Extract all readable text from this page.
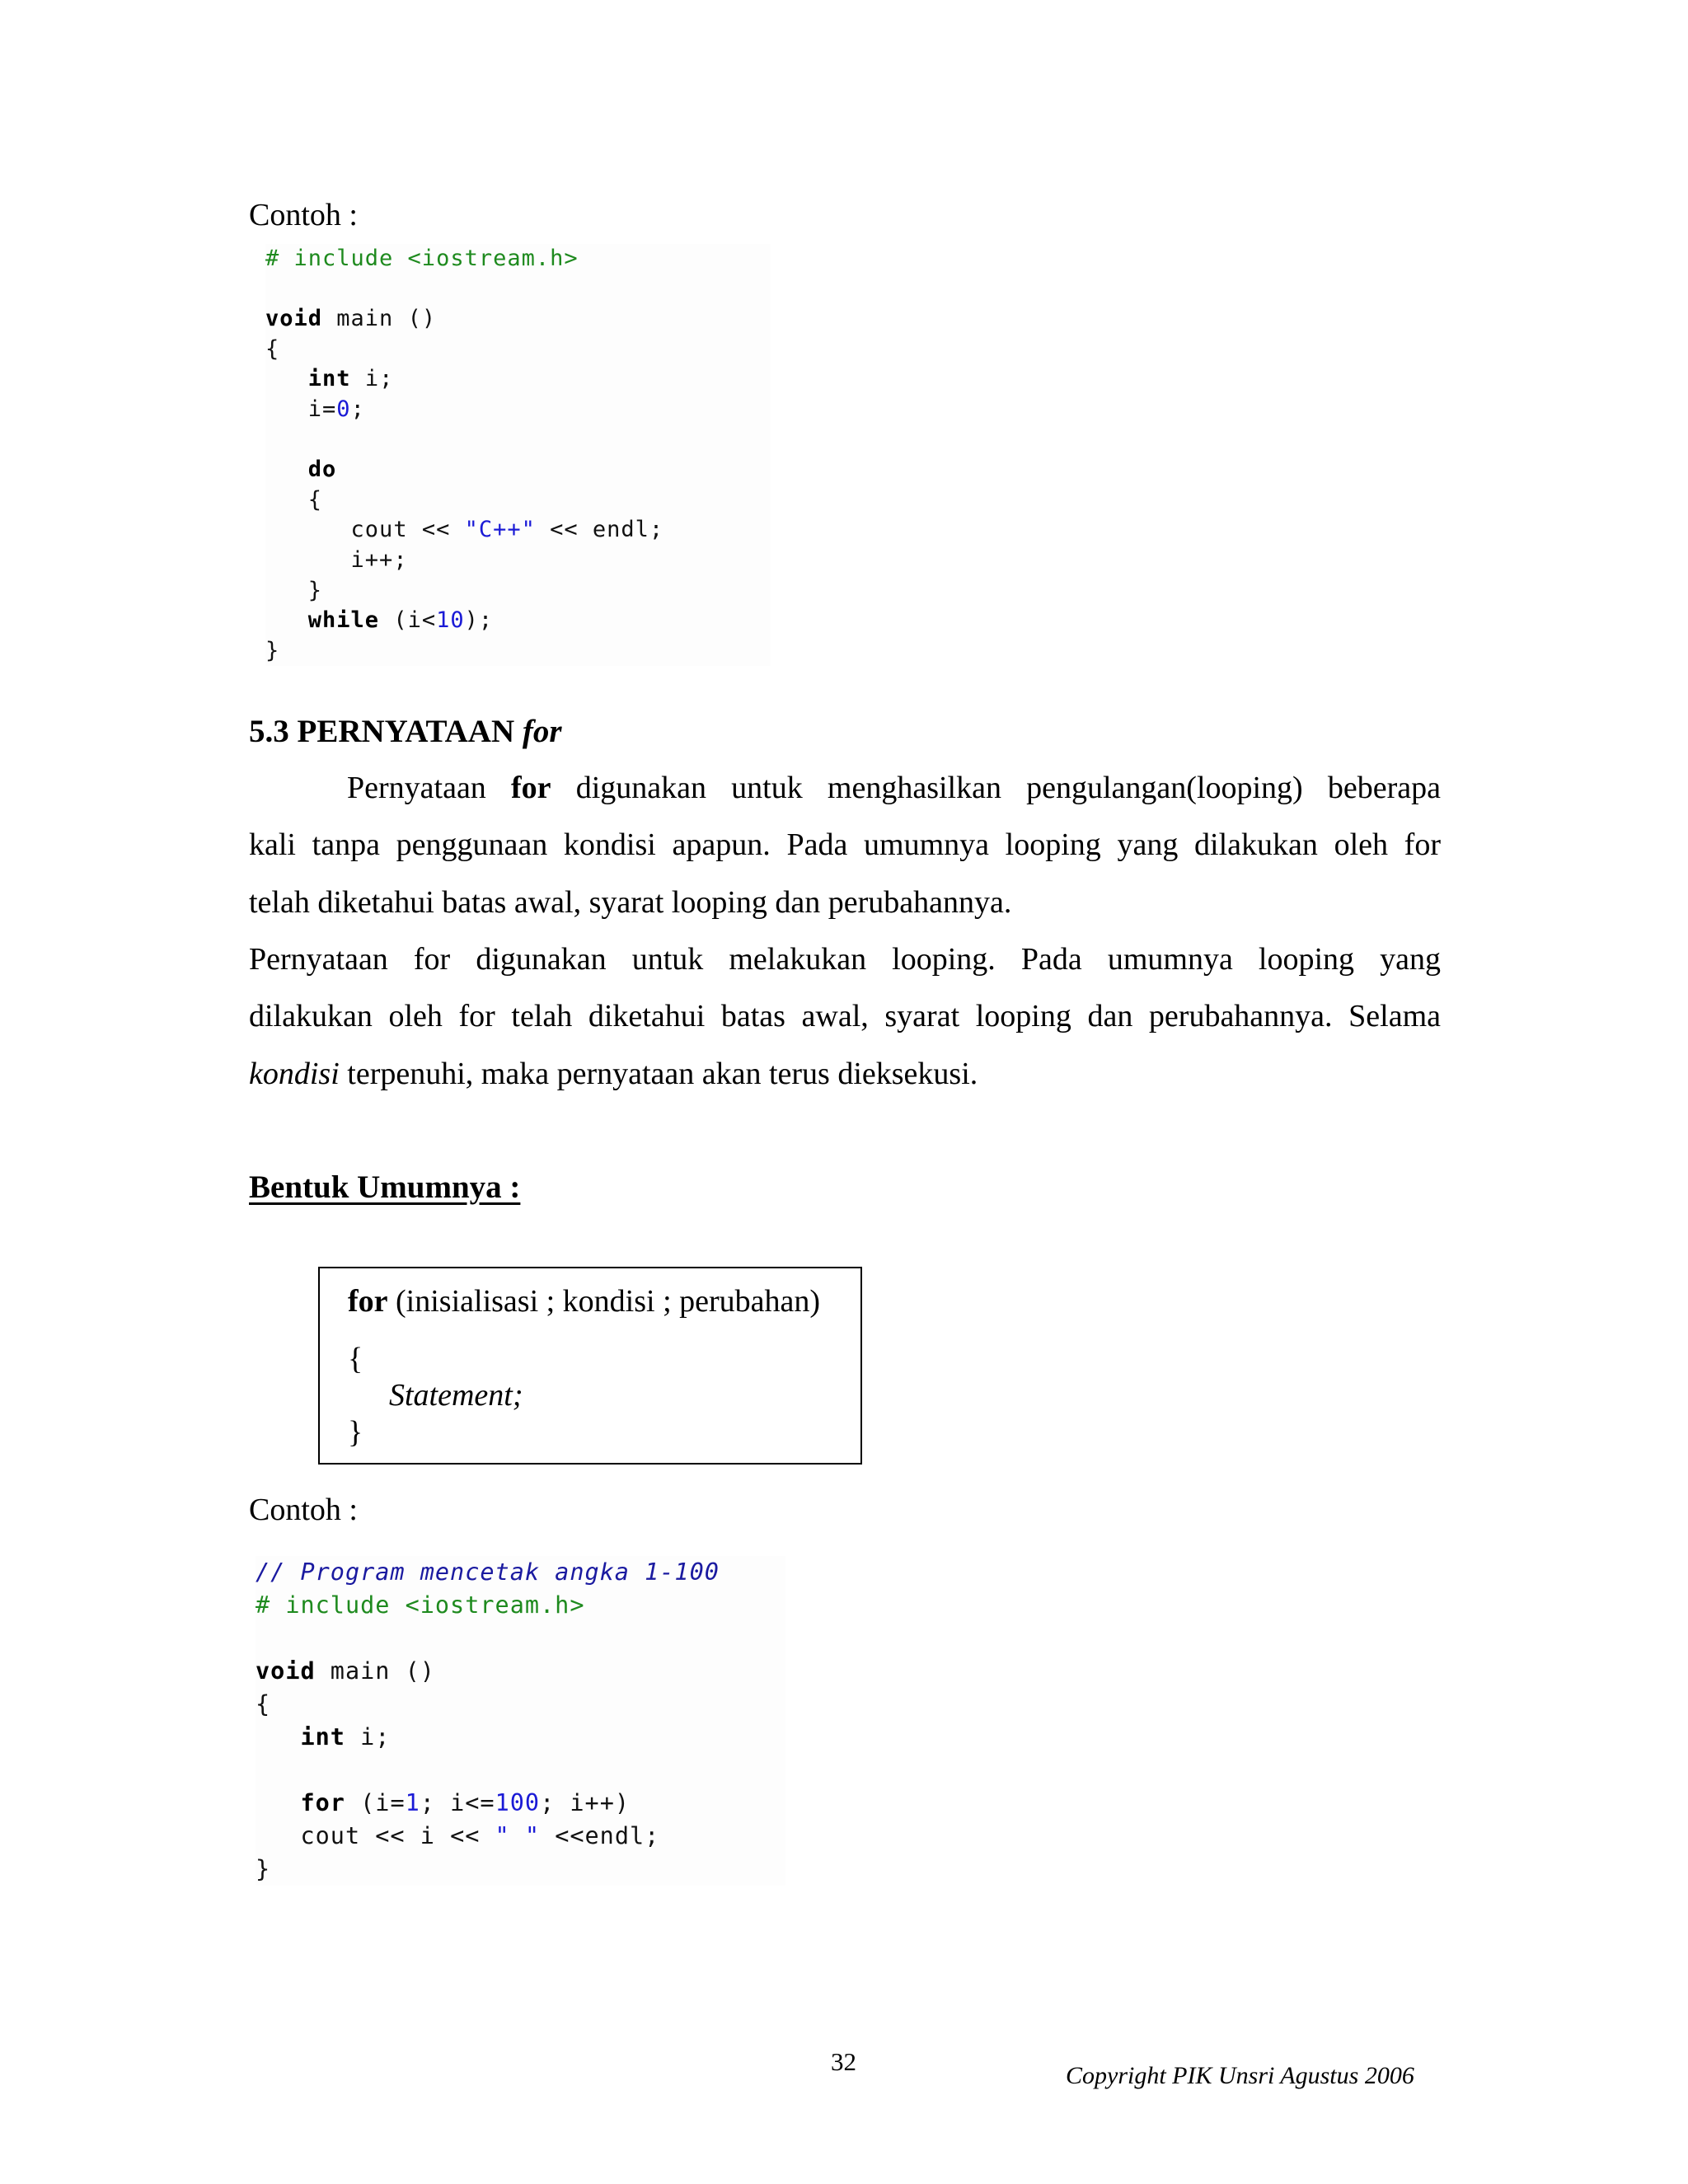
Contoh :
# include <iostream.h>

void main ()
{
int i;
i=0;

do
{
cout << "C++" << endl;
i++;
}
while (i<10);
}
5.3 PERNYATAAN for
Pernyataan for digunakan untuk menghasilkan pengulangan(looping) beberapa
kali tanpa penggunaan kondisi apapun. Pada umumnya looping yang dilakukan oleh for
telah diketahui batas awal, syarat looping dan perubahannya.
Pernyataan for digunakan untuk melakukan looping. Pada umumnya looping yang
dilakukan oleh for telah diketahui batas awal, syarat looping dan perubahannya. Selama
kondisi terpenuhi, maka pernyataan akan terus dieksekusi.
Bentuk Umumnya :
for (inisialisasi ; kondisi ; perubahan)
{
Statement;
}
Contoh :
// Program mencetak angka 1-100
# include <iostream.h>

void main ()
{
int i;

for (i=1; i<=100; i++)
cout << i << " " <<endl;
}
32	Copyright PIK Unsri Agustus 2006
